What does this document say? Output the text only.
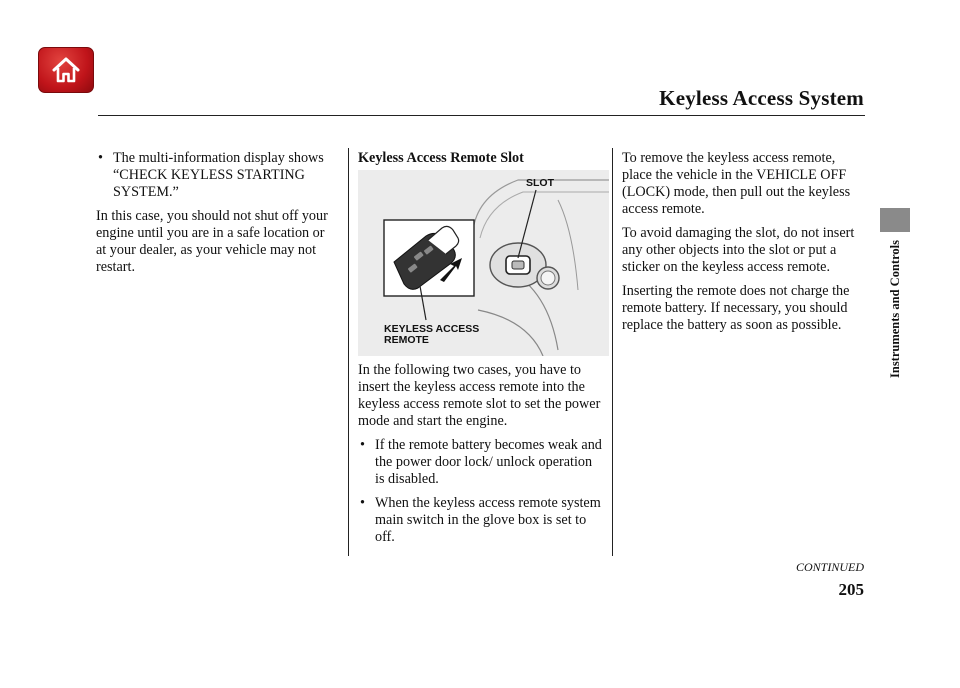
Keyless Access System
Instruments and Controls
• The multi-information display shows “CHECK KEYLESS STARTING SYSTEM.”

In this case, you should not shut off your engine until you are in a safe location or at your dealer, as your vehicle may not restart.

Keyless Access Remote Slot
SLOT
KEYLESS ACCESS
REMOTE

In the following two cases, you have to insert the keyless access remote into the keyless access remote slot to set the power mode and start the engine.

• If the remote battery becomes weak and the power door lock/ unlock operation is disabled.
• When the keyless access remote system main switch in the glove box is set to off.

To remove the keyless access remote, place the vehicle in the VEHICLE OFF (LOCK) mode, then pull out the keyless access remote.

To avoid damaging the slot, do not insert any other objects into the slot or put a sticker on the keyless access remote.

Inserting the remote does not charge the remote battery. If necessary, you should replace the battery as soon as possible.

CONTINUED
205
